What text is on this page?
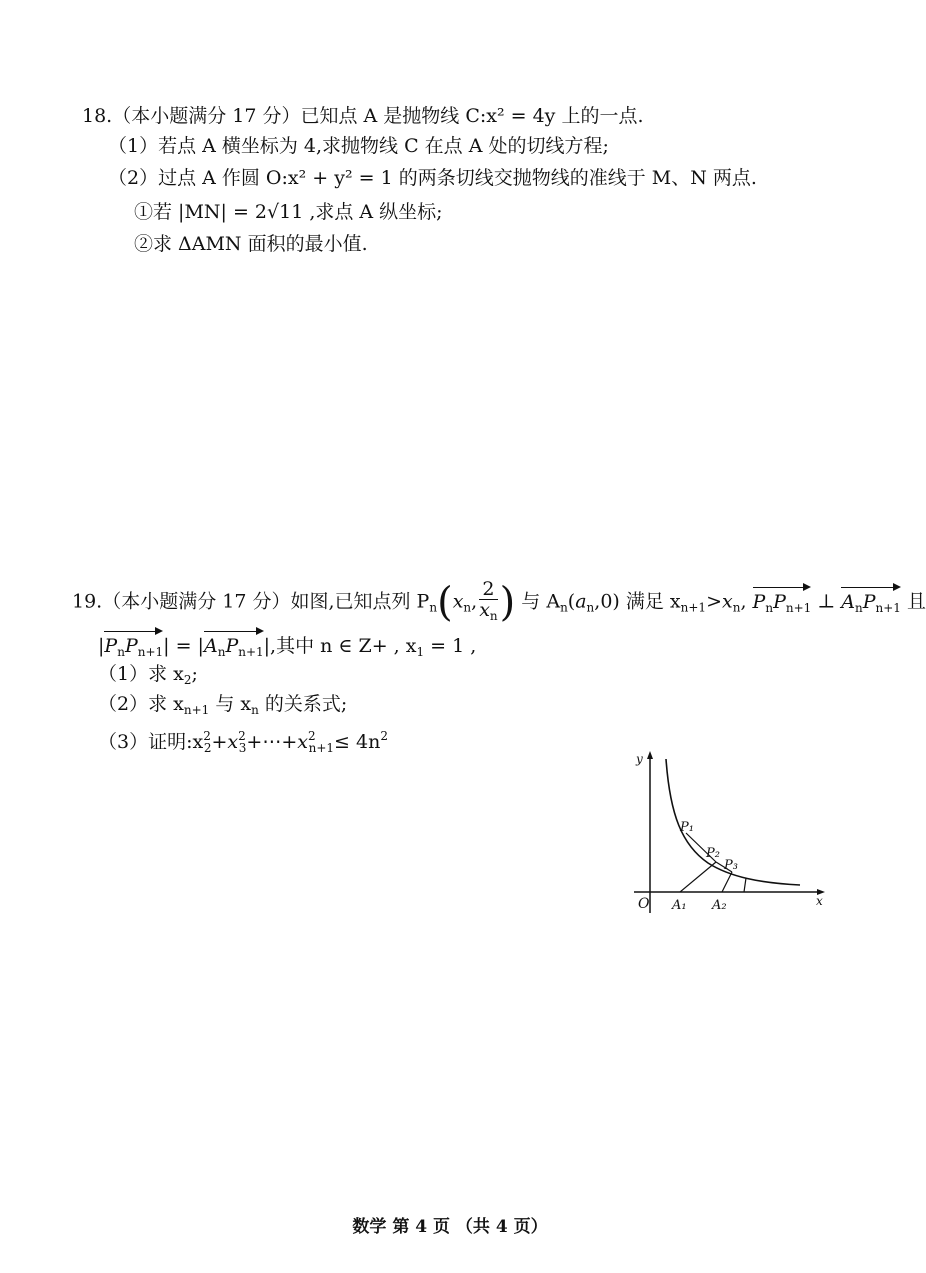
18.（本小题满分 17 分）已知点 A 是抛物线 C:x² = 4y 上的一点.
（1）若点 A 横坐标为 4,求抛物线 C 在点 A 处的切线方程;
（2）过点 A 作圆 O:x² + y² = 1 的两条切线交抛物线的准线于 M、N 两点.
①若 |MN| = 2√11 ,求点 A 纵坐标;
②求 ΔAMN 面积的最小值.
19.（本小题满分 17 分）如图,已知点列 $P_n(x_n$, $\frac{2}{x_n}$ ) 与 $A_n(a_n,0)$ 满足 $x_{n+1}>x_n$, $P_nP_{n+1}$ ⊥ $A_nP_{n+1}$ 且
$|P_nP_{n+1}| = |A_nP_{n+1}|$,其中 n ∈ Z+ , $x_1 = 1$ ,
（1）求 $x_2$;
（2）求 $x_{n+1}$ 与 $x_n$ 的关系式;
（3）证明$:x^2_2+x^2_3+\cdots+x^2_{n+1}\le 4n^2$
y
x
O
P₁
P₂
P₃
A₁ A₂
数学 第 4 页 （共 4 页）
